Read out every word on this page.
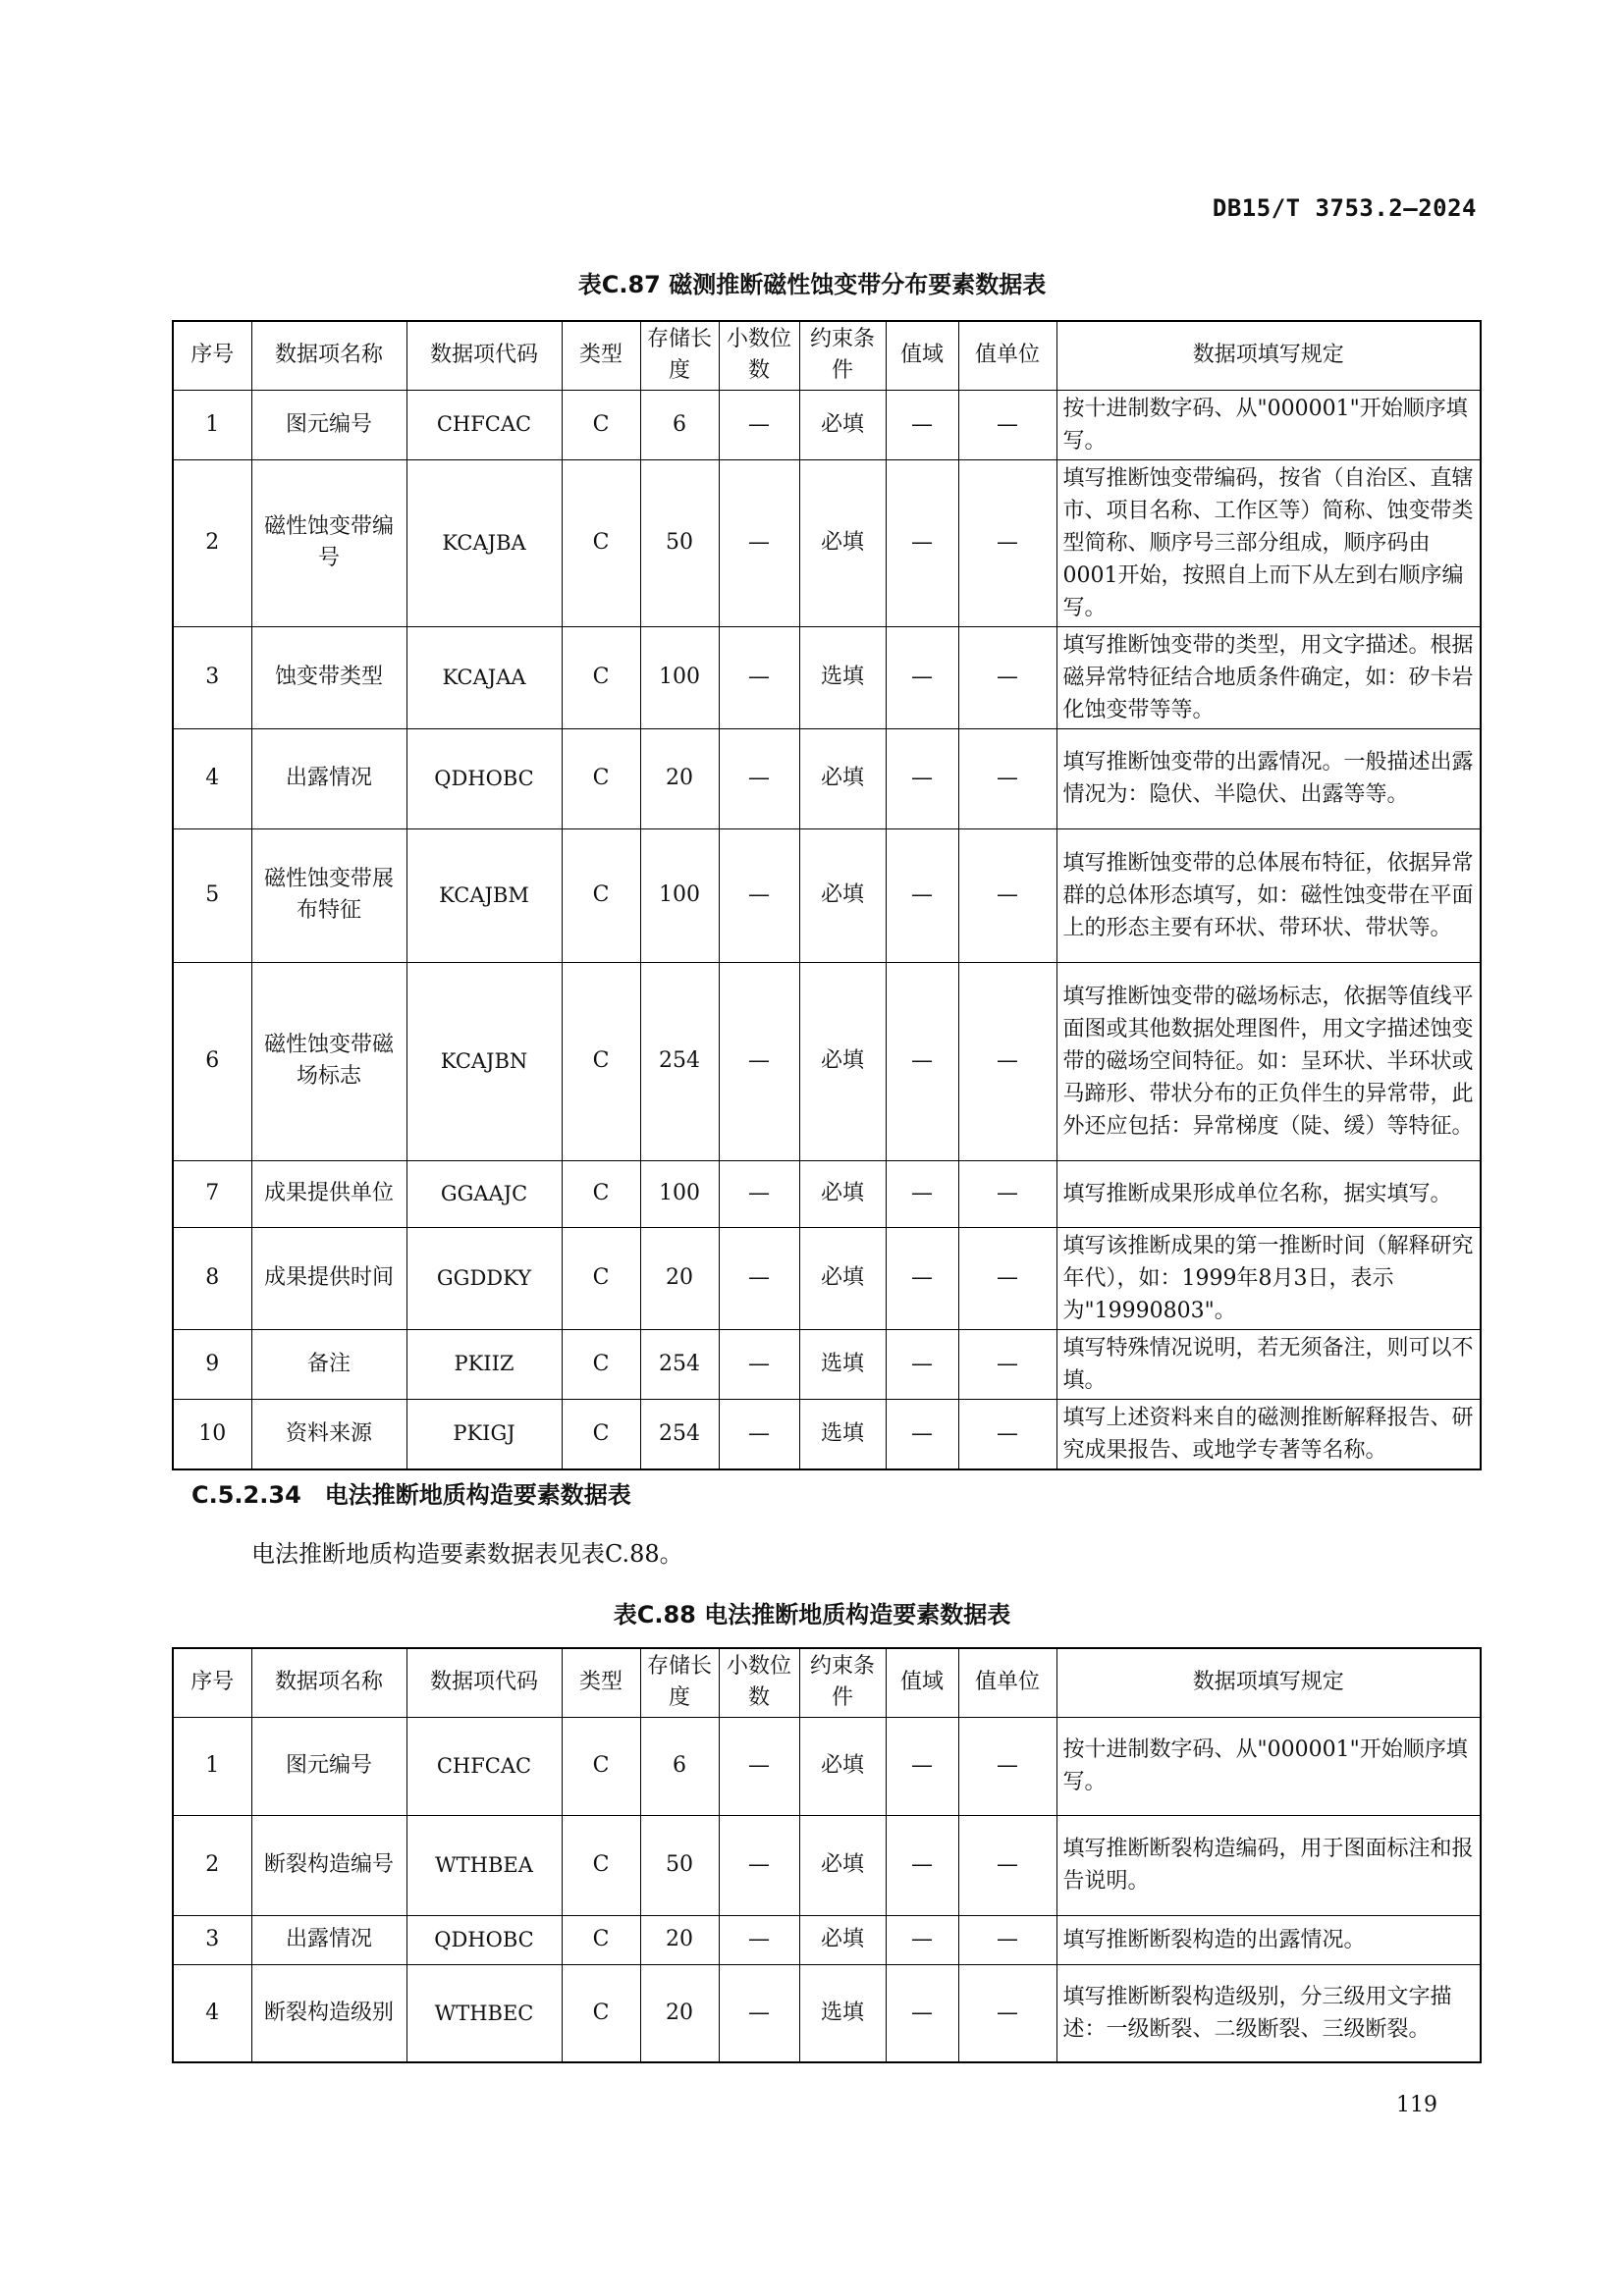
DB15/T 3753.2—2024
表C.87 磁测推断磁性蚀变带分布要素数据表
序号	数据项名称	数据项代码	类型	存储长度	小数位数	约束条件	值域	值单位	数据项填写规定
1	图元编号	CHFCAC	C	6	—	必填	—	—	按十进制数字码、从"000001"开始顺序填写。
2	磁性蚀变带编号	KCAJBA	C	50	—	必填	—	—	填写推断蚀变带编码，按省（自治区、直辖市、项目名称、工作区等）简称、蚀变带类型简称、顺序号三部分组成，顺序码由0001开始，按照自上而下从左到右顺序编写。
3	蚀变带类型	KCAJAA	C	100	—	选填	—	—	填写推断蚀变带的类型，用文字描述。根据磁异常特征结合地质条件确定，如：矽卡岩化蚀变带等等。
4	出露情况	QDHOBC	C	20	—	必填	—	—	填写推断蚀变带的出露情况。一般描述出露情况为：隐伏、半隐伏、出露等等。
5	磁性蚀变带展布特征	KCAJBM	C	100	—	必填	—	—	填写推断蚀变带的总体展布特征，依据异常群的总体形态填写，如：磁性蚀变带在平面上的形态主要有环状、带环状、带状等。
6	磁性蚀变带磁场标志	KCAJBN	C	254	—	必填	—	—	填写推断蚀变带的磁场标志，依据等值线平面图或其他数据处理图件，用文字描述蚀变带的磁场空间特征。如：呈环状、半环状或马蹄形、带状分布的正负伴生的异常带，此外还应包括：异常梯度（陡、缓）等特征。
7	成果提供单位	GGAAJC	C	100	—	必填	—	—	填写推断成果形成单位名称，据实填写。
8	成果提供时间	GGDDKY	C	20	—	必填	—	—	填写该推断成果的第一推断时间（解释研究年代），如：1999年8月3日，表示为"19990803"。
9	备注	PKIIZ	C	254	—	选填	—	—	填写特殊情况说明，若无须备注，则可以不填。
10	资料来源	PKIGJ	C	254	—	选填	—	—	填写上述资料来自的磁测推断解释报告、研究成果报告、或地学专著等名称。
C.5.2.34 电法推断地质构造要素数据表
电法推断地质构造要素数据表见表C.88。
表C.88 电法推断地质构造要素数据表
序号	数据项名称	数据项代码	类型	存储长度	小数位数	约束条件	值域	值单位	数据项填写规定
1	图元编号	CHFCAC	C	6	—	必填	—	—	按十进制数字码、从"000001"开始顺序填写。
2	断裂构造编号	WTHBEA	C	50	—	必填	—	—	填写推断断裂构造编码，用于图面标注和报告说明。
3	出露情况	QDHOBC	C	20	—	必填	—	—	填写推断断裂构造的出露情况。
4	断裂构造级别	WTHBEC	C	20	—	选填	—	—	填写推断断裂构造级别，分三级用文字描述：一级断裂、二级断裂、三级断裂。
119
